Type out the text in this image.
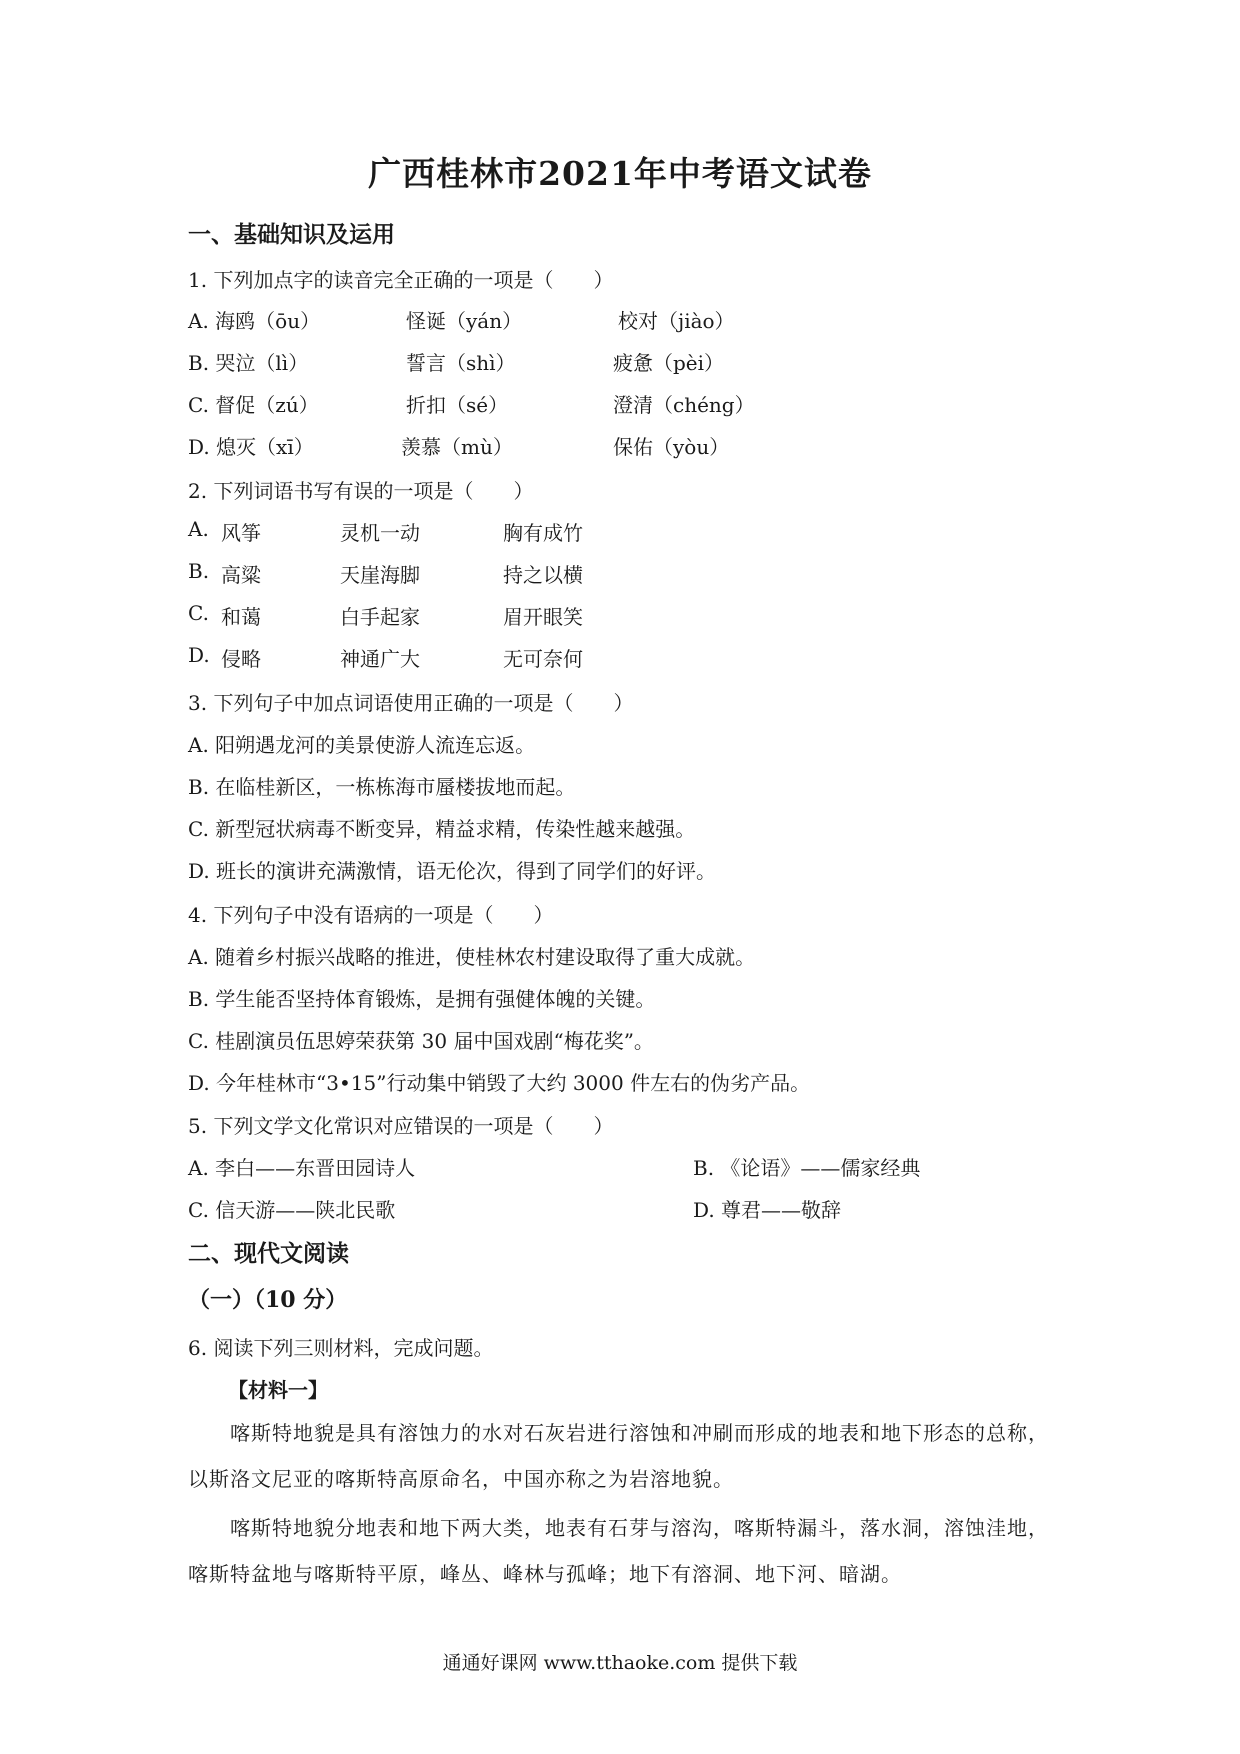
广西桂林市2021年中考语文试卷
一、基础知识及运用
1. 下列加点字的读音完全正确的一项是（　　）
A. 海鸥（ōu）	怪诞（yán）	校对（jiào）
B. 哭泣（lì）	誓言（shì）	疲惫（pèi）
C. 督促（zú）	折扣（sé）	澄清（chéng）
D. 熄灭（xī）	羡慕（mù）	保佑（yòu）
2. 下列词语书写有误的一项是（　　）
A. 风筝	灵机一动	胸有成竹
B. 高粱	天崖海脚	持之以横
C. 和蔼	白手起家	眉开眼笑
D. 侵略	神通广大	无可奈何
3. 下列句子中加点词语使用正确的一项是（　　）
A. 阳朔遇龙河的美景使游人流连忘返。
B. 在临桂新区，一栋栋海市蜃楼拔地而起。
C. 新型冠状病毒不断变异，精益求精，传染性越来越强。
D. 班长的演讲充满激情，语无伦次，得到了同学们的好评。
4. 下列句子中没有语病的一项是（　　）
A. 随着乡村振兴战略的推进，使桂林农村建设取得了重大成就。
B. 学生能否坚持体育锻炼，是拥有强健体魄的关键。
C. 桂剧演员伍思婷荣获第 30 届中国戏剧“梅花奖”。
D. 今年桂林市“3•15”行动集中销毁了大约 3000 件左右的伪劣产品。
5. 下列文学文化常识对应错误的一项是（　　）
A. 李白——东晋田园诗人	B. 《论语》——儒家经典
C. 信天游——陕北民歌	D. 尊君——敬辞
二、现代文阅读
（一）（10 分）
6. 阅读下列三则材料，完成问题。
【材料一】
　　喀斯特地貌是具有溶蚀力的水对石灰岩进行溶蚀和冲刷而形成的地表和地下形态的总称，以斯洛文尼亚的喀斯特高原命名，中国亦称之为岩溶地貌。
　　喀斯特地貌分地表和地下两大类，地表有石芽与溶沟，喀斯特漏斗，落水洞，溶蚀洼地，喀斯特盆地与喀斯特平原，峰丛、峰林与孤峰；地下有溶洞、地下河、暗湖。
通通好课网 www.tthaoke.com 提供下载
